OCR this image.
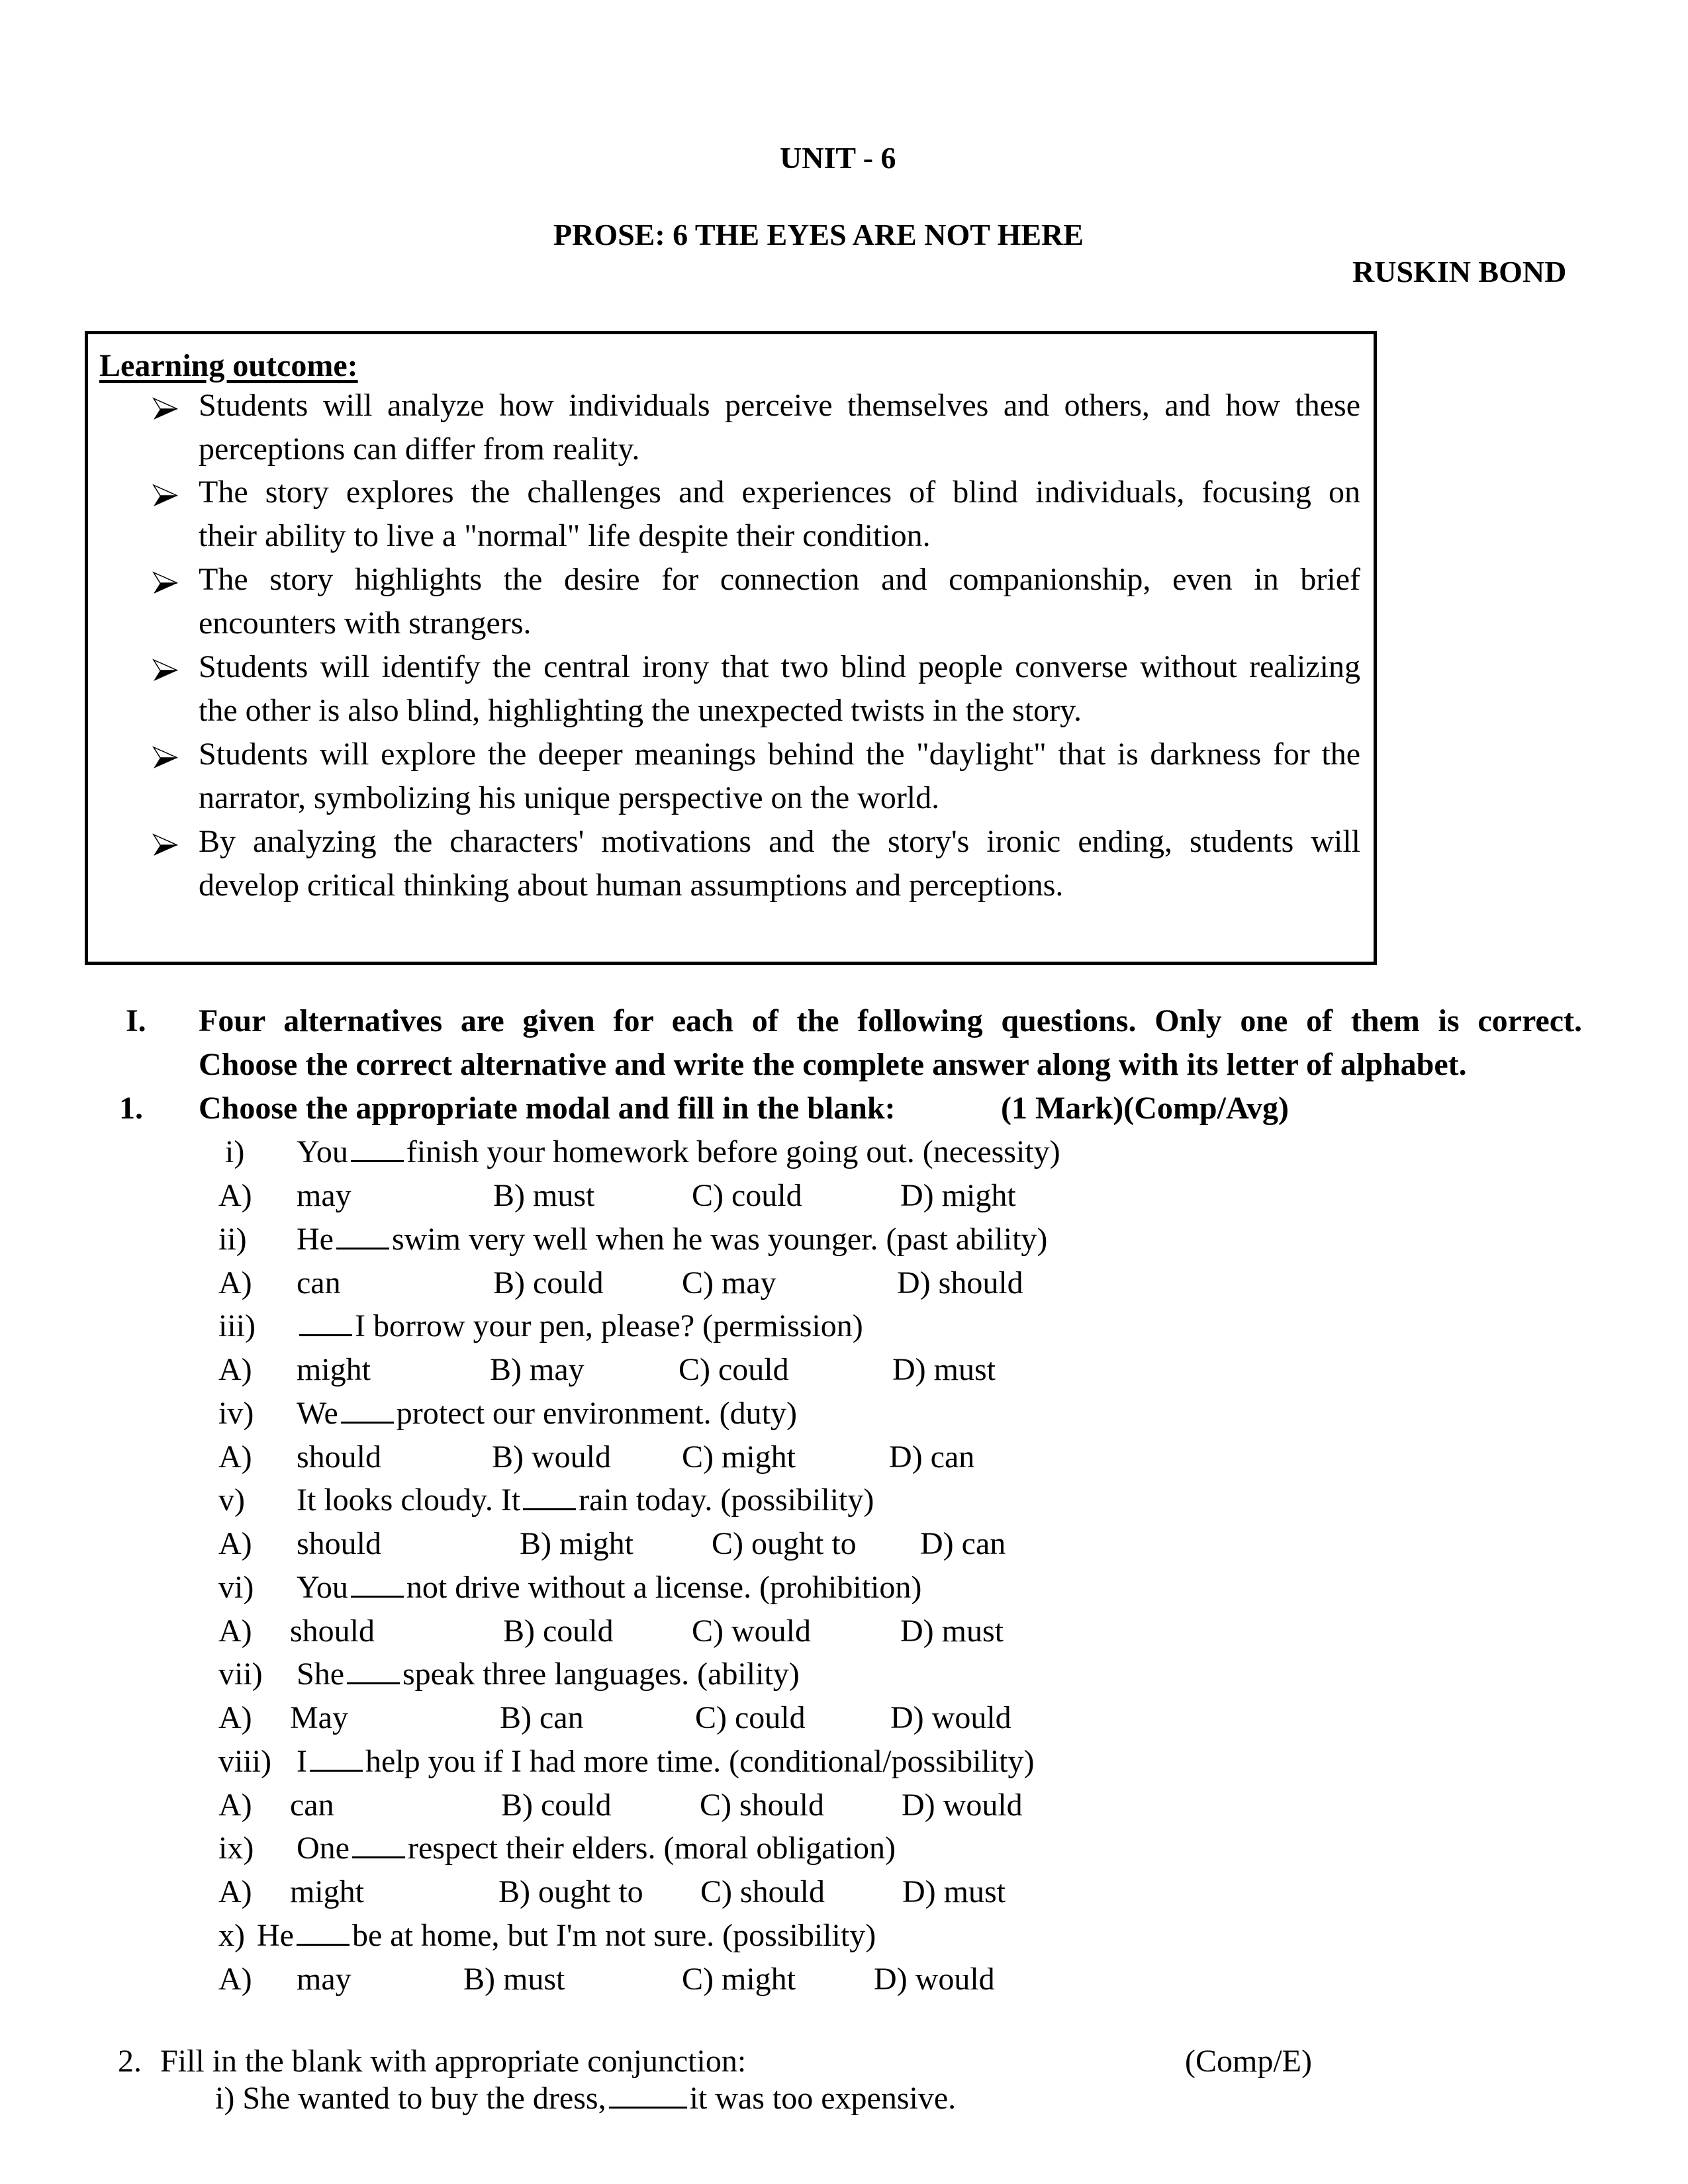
UNIT - 6
PROSE: 6 THE EYES ARE NOT HERE
RUSKIN BOND
Learning outcome:
Students will analyze how individuals perceive themselves and others, and how these
perceptions can differ from reality.
The story explores the challenges and experiences of blind individuals, focusing on
their ability to live a "normal" life despite their condition.
The story highlights the desire for connection and companionship, even in brief
encounters with strangers.
Students will identify the central irony that two blind people converse without realizing
the other is also blind, highlighting the unexpected twists in the story.
Students will explore the deeper meanings behind the "daylight" that is darkness for the
narrator, symbolizing his unique perspective on the world.
By analyzing the characters' motivations and the story's ironic ending, students will
develop critical thinking about human assumptions and perceptions.
I. Four alternatives are given for each of the following questions. Only one of them is correct.
Choose the correct alternative and write the complete answer along with its letter of alphabet.
1. Choose the appropriate modal and fill in the blank:	(1 Mark)(Comp/Avg)
i) You finish your homework before going out. (necessity)
A) may	B) must	C) could	D) might
ii) He swim very well when he was younger. (past ability)
A) can	B) could C) may	D) should
iii)	I borrow your pen, please? (permission)
A) might	B) may	C) could	D) must
iv) We protect our environment. (duty)
A) should	B) would C) might	D) can
v) It looks cloudy. It rain today. (possibility)
A) should	B) might C) ought to D) can
vi) You not drive without a license. (prohibition)
A) should	B) could C) would	D) must
vii) She speak three languages. (ability)
A) May	B) can	C) could	D) would
viii) I help you if I had more time. (conditional/possibility)
A) can	B) could	C) should D) would
ix) One respect their elders. (moral obligation)
A) might	B) ought to C) should D) must
x) He be at home, but I'm not sure. (possibility)
A) may	B) must	C) might D) would
2. Fill in the blank with appropriate conjunction:	(Comp/E)
i) She wanted to buy the dress,	it was too expensive.
